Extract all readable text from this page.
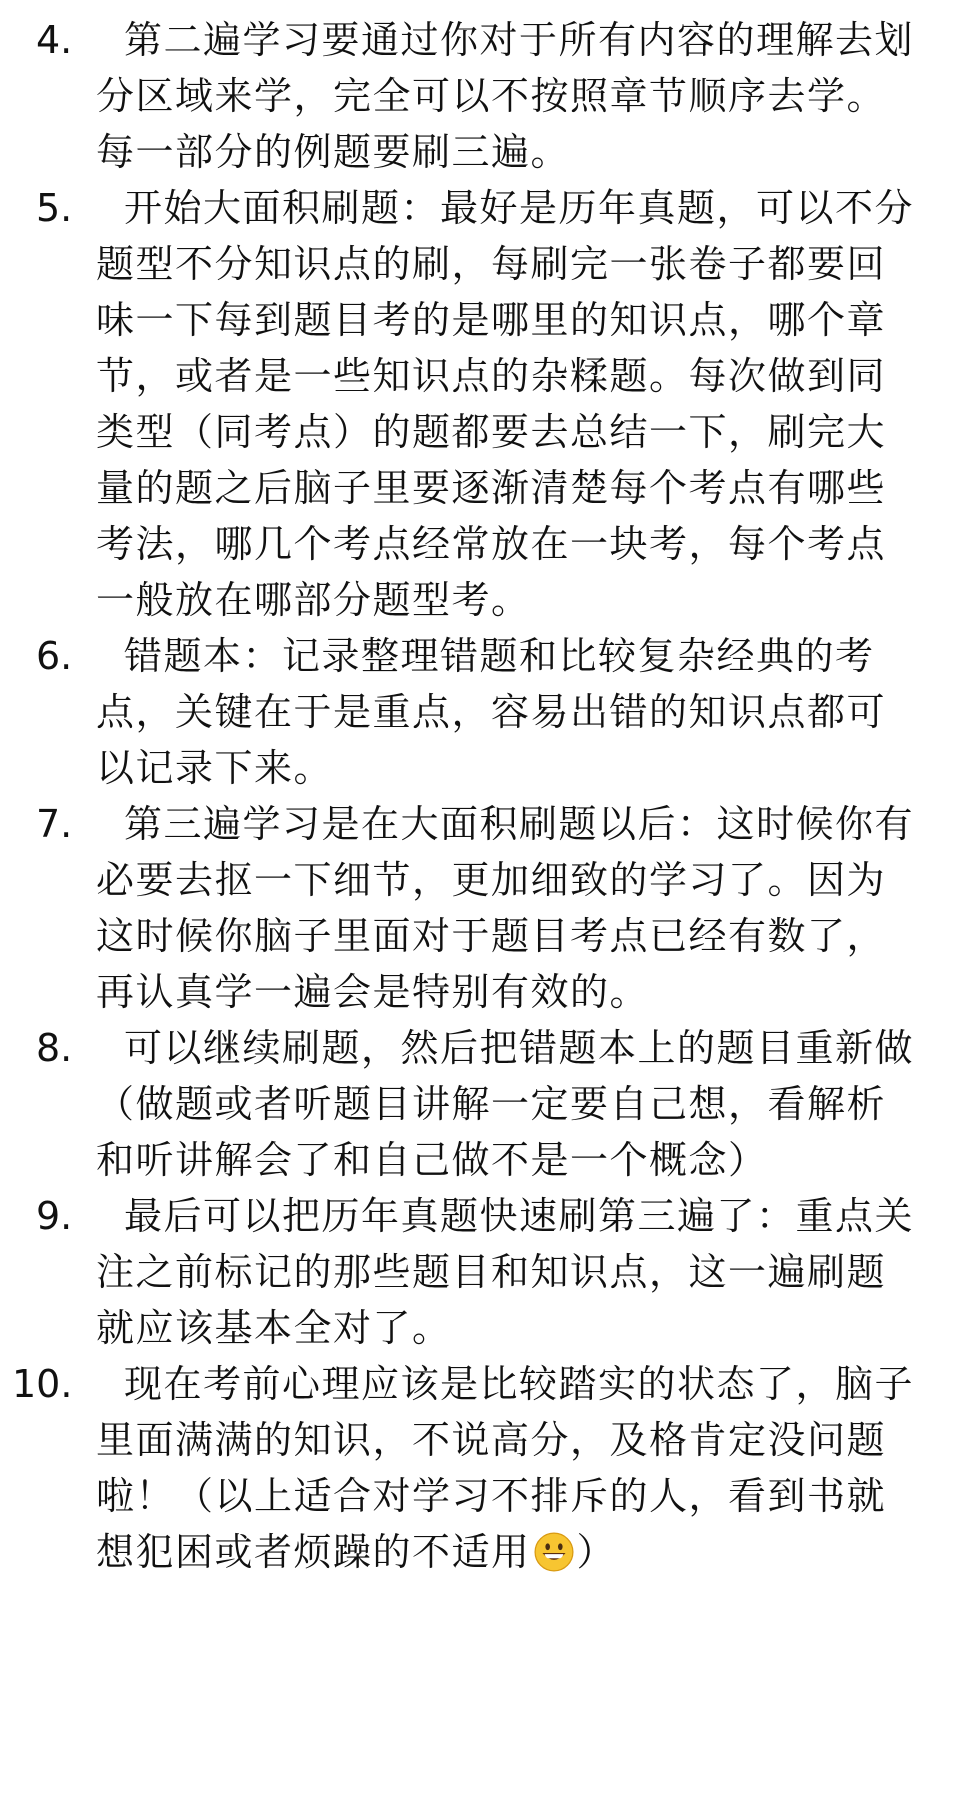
4.	第二遍学习要通过你对于所有内容的理解去划分区域来学，完全可以不按照章节顺序去学。每一部分的例题要刷三遍。
5.	开始大面积刷题：最好是历年真题，可以不分题型不分知识点的刷，每刷完一张卷子都要回味一下每到题目考的是哪里的知识点，哪个章节，或者是一些知识点的杂糅题。每次做到同类型（同考点）的题都要去总结一下，刷完大量的题之后脑子里要逐渐清楚每个考点有哪些考法，哪几个考点经常放在一块考，每个考点一般放在哪部分题型考。
6.	错题本：记录整理错题和比较复杂经典的考点，关键在于是重点，容易出错的知识点都可以记录下来。
7.	第三遍学习是在大面积刷题以后：这时候你有必要去抠一下细节，更加细致的学习了。因为这时候你脑子里面对于题目考点已经有数了，再认真学一遍会是特别有效的。
8.	可以继续刷题，然后把错题本上的题目重新做（做题或者听题目讲解一定要自己想，看解析和听讲解会了和自己做不是一个概念）
9.	最后可以把历年真题快速刷第三遍了：重点关注之前标记的那些题目和知识点，这一遍刷题就应该基本全对了。
10.	现在考前心理应该是比较踏实的状态了，脑子里面满满的知识，不说高分，及格肯定没问题啦！（以上适合对学习不排斥的人，看到书就想犯困或者烦躁的不适用 ）
